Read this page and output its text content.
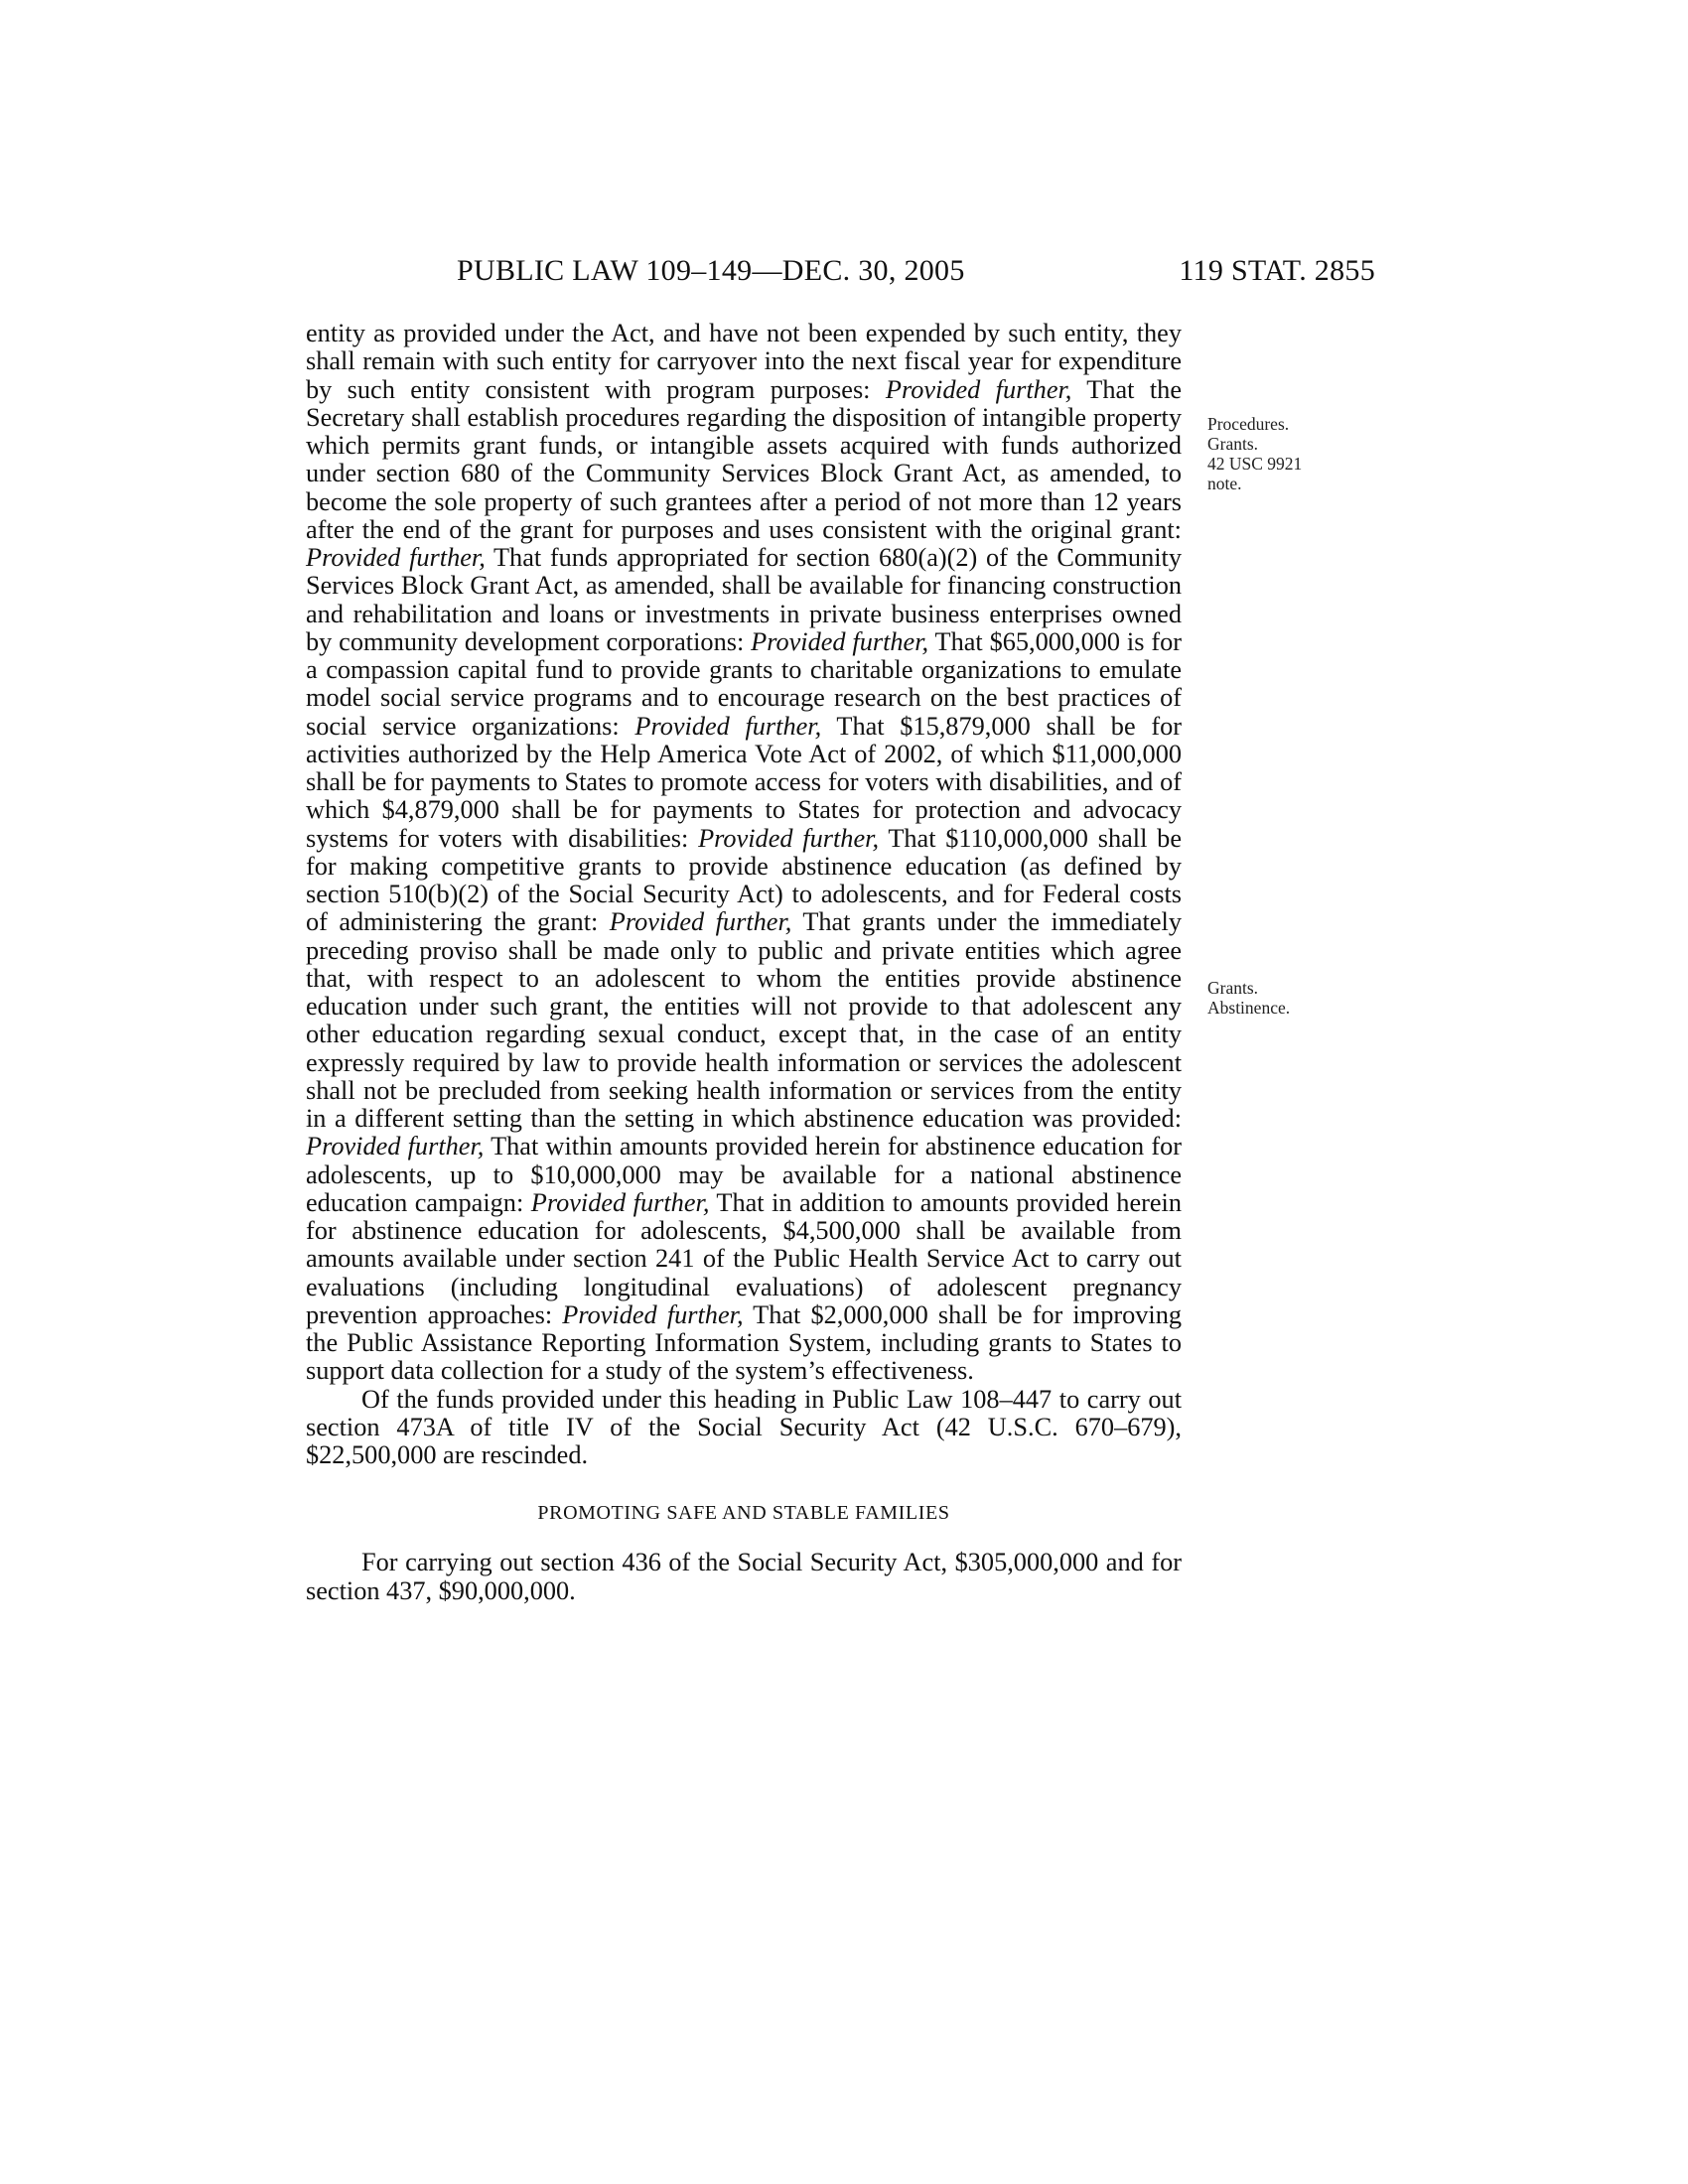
PUBLIC LAW 109–149—DEC. 30, 2005	119 STAT. 2855
Procedures.
Grants.
42 USC 9921
note.
Grants.
Abstinence.

entity as provided under the Act, and have not been expended by such entity, they shall remain with such entity for carryover into the next fiscal year for expenditure by such entity consistent with program purposes: Provided further, That the Secretary shall establish procedures regarding the disposition of intangible property which permits grant funds, or intangible assets acquired with funds authorized under section 680 of the Community Services Block Grant Act, as amended, to become the sole property of such grantees after a period of not more than 12 years after the end of the grant for purposes and uses consistent with the original grant: Provided further, That funds appropriated for section 680(a)(2) of the Community Services Block Grant Act, as amended, shall be available for financing construction and rehabilitation and loans or investments in private business enterprises owned by community development corporations: Provided further, That $65,000,000 is for a compassion capital fund to provide grants to charitable organizations to emulate model social service programs and to encourage research on the best practices of social service organizations: Provided further, That $15,879,000 shall be for activities authorized by the Help America Vote Act of 2002, of which $11,000,000 shall be for payments to States to promote access for voters with disabilities, and of which $4,879,000 shall be for payments to States for protection and advocacy systems for voters with disabilities: Provided further, That $110,000,000 shall be for making competitive grants to provide abstinence education (as defined by section 510(b)(2) of the Social Security Act) to adolescents, and for Federal costs of administering the grant: Provided further, That grants under the immediately preceding proviso shall be made only to public and private entities which agree that, with respect to an adolescent to whom the entities provide abstinence education under such grant, the entities will not provide to that adolescent any other education regarding sexual conduct, except that, in the case of an entity expressly required by law to provide health information or services the adolescent shall not be precluded from seeking health information or services from the entity in a different setting than the setting in which abstinence education was provided: Provided further, That within amounts provided herein for abstinence education for adolescents, up to $10,000,000 may be available for a national abstinence education campaign: Provided further, That in addition to amounts provided herein for abstinence education for adolescents, $4,500,000 shall be available from amounts available under section 241 of the Public Health Service Act to carry out evaluations (including longitudinal evaluations) of adolescent pregnancy prevention approaches: Provided further, That $2,000,000 shall be for improving the Public Assistance Reporting Information System, including grants to States to support data collection for a study of the system’s effectiveness.

Of the funds provided under this heading in Public Law 108–447 to carry out section 473A of title IV of the Social Security Act (42 U.S.C. 670–679), $22,500,000 are rescinded.

PROMOTING SAFE AND STABLE FAMILIES

For carrying out section 436 of the Social Security Act, $305,000,000 and for section 437, $90,000,000.
